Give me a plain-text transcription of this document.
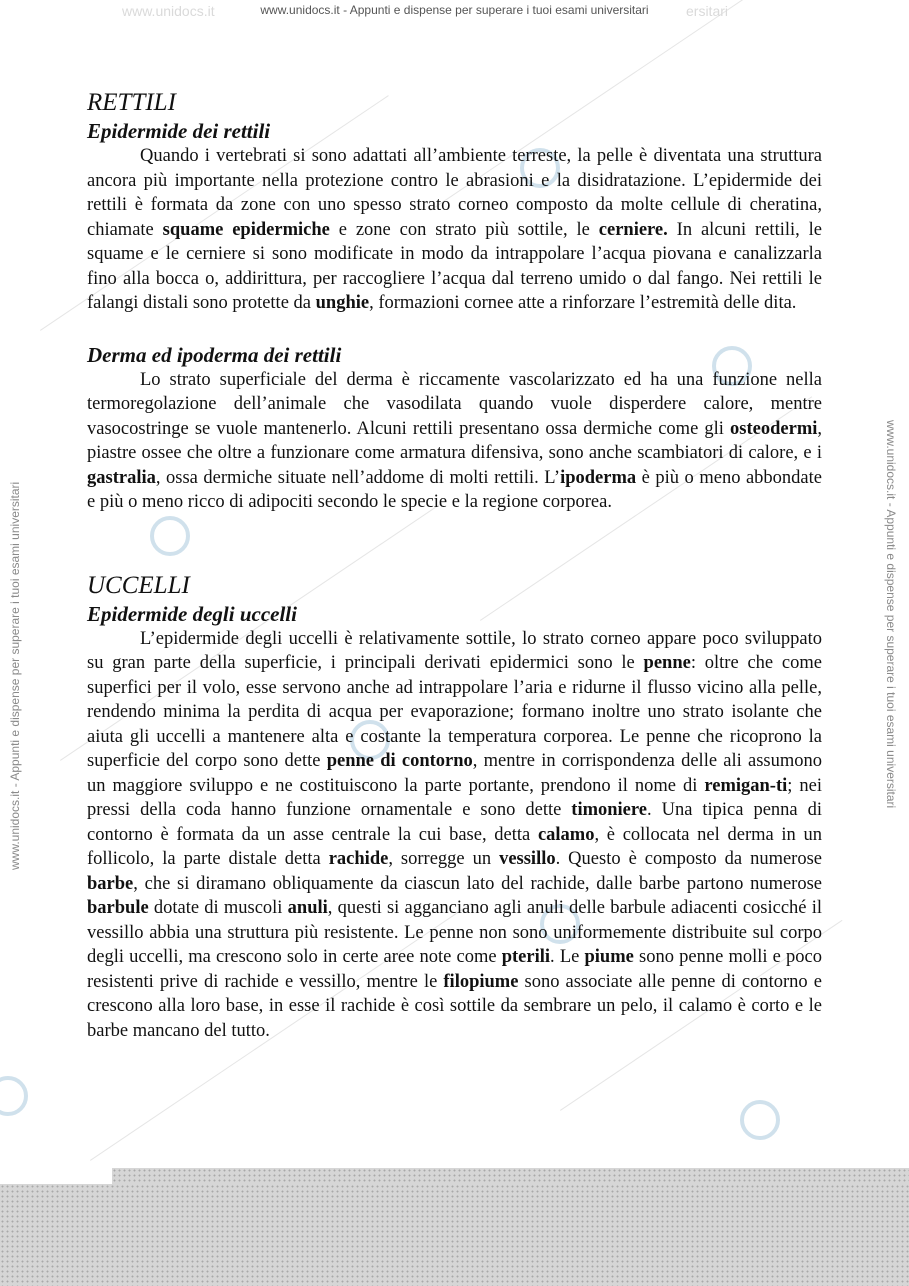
www.unidocs.it	www.unidocs.it - Appunti e dispense per superare i tuoi esami universitari	ersitari
www.unidocs.it - Appunti e dispense per superare i tuoi esami universitari	www.unidocs.it - Appunti e dispense per superare i tuoi esami universitari
RETTILI
Epidermide dei rettili

Quando i vertebrati si sono adattati all’ambiente terreste, la pelle è diventata una struttura ancora più importante nella protezione contro le abrasioni e la disidratazione. L’epidermide dei rettili è formata da zone con uno spesso strato corneo composto da molte cellule di cheratina, chiamate squame epidermiche e zone con strato più sottile, le cerniere. In alcuni rettili, le squame e le cerniere si sono modificate in modo da intrappolare l’acqua piovana e canalizzarla fino alla bocca o, addirittura, per raccogliere l’acqua dal terreno umido o dal fango. Nei rettili le falangi distali sono protette da unghie, formazioni cornee atte a rinforzare l’estremità delle dita.

Derma ed ipoderma dei rettili

Lo strato superficiale del derma è riccamente vascolarizzato ed ha una funzione nella termoregolazione dell’animale che vasodilata quando vuole disperdere calore, mentre vasocostringe se vuole mantenerlo. Alcuni rettili presentano ossa dermiche come gli osteodermi, piastre ossee che oltre a funzionare come armatura difensiva, sono anche scambiatori di calore, e i gastralia, ossa dermiche situate nell’addome di molti rettili. L’ipoderma è più o meno abbondate e più o meno ricco di adipociti secondo le specie e la regione corporea.

UCCELLI
Epidermide degli uccelli

L’epidermide degli uccelli è relativamente sottile, lo strato corneo appare poco sviluppato su gran parte della superficie, i principali derivati epidermici sono le penne: oltre che come superfici per il volo, esse servono anche ad intrappolare l’aria e ridurne il flusso vicino alla pelle, rendendo minima la perdita di acqua per evaporazione; formano inoltre uno strato isolante che aiuta gli uccelli a mantenere alta e costante la temperatura corporea. Le penne che ricoprono la superficie del corpo sono dette penne di contorno, mentre in corrispondenza delle ali assumono un maggiore sviluppo e ne costituiscono la parte portante, prendono il nome di remigan-ti; nei pressi della coda hanno funzione ornamentale e sono dette timoniere. Una tipica penna di contorno è formata da un asse centrale la cui base, detta calamo, è collocata nel derma in un follicolo, la parte distale detta rachide, sorregge un vessillo. Questo è composto da numerose barbe, che si diramano obliquamente da ciascun lato del rachide, dalle barbe partono numerose barbule dotate di muscoli anuli, questi si agganciano agli anuli delle barbule adiacenti cosicché il vessillo abbia una struttura più resistente. Le penne non sono uniformemente distribuite sul corpo degli uccelli, ma crescono solo in certe aree note come pterili. Le piume sono penne molli e poco resistenti prive di rachide e vessillo, mentre le filopiume sono associate alle penne di contorno e crescono alla loro base, in esse il rachide è così sottile da sembrare un pelo, il calamo è corto e le barbe mancano del tutto.
